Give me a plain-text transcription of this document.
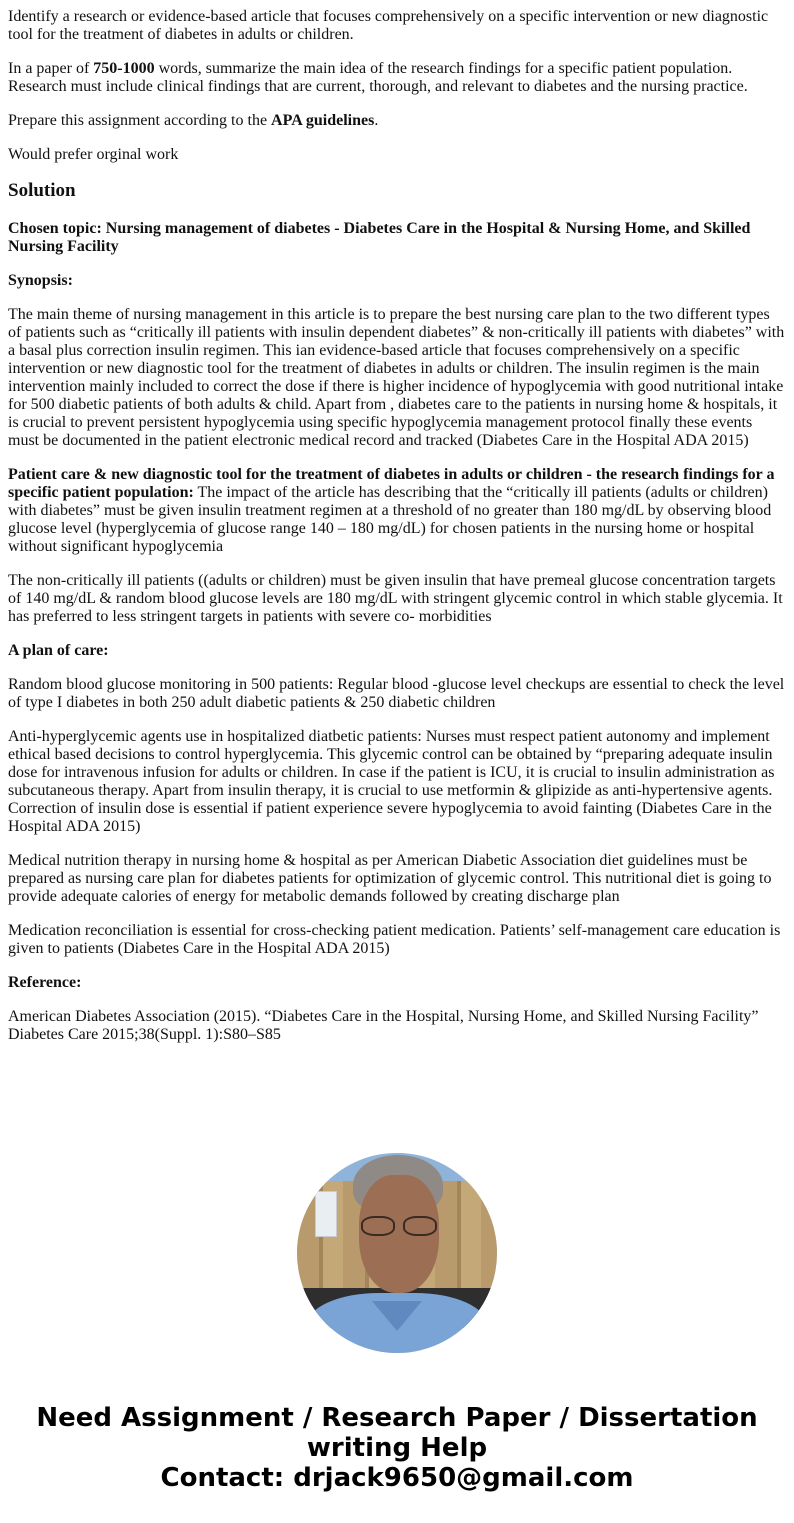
Identify a research or evidence-based article that focuses comprehensively on a specific intervention or new diagnostic tool for the treatment of diabetes in adults or children.

In a paper of 750-1000 words, summarize the main idea of the research findings for a specific patient population. Research must include clinical findings that are current, thorough, and relevant to diabetes and the nursing practice.

Prepare this assignment according to the APA guidelines.

Would prefer orginal work

Solution

Chosen topic: Nursing management of diabetes - Diabetes Care in the Hospital & Nursing Home, and Skilled Nursing Facility

Synopsis:

The main theme of nursing management in this article is to prepare the best nursing care plan to the two different types of patients such as “critically ill patients with insulin dependent diabetes” & non-critically ill patients with diabetes” with a basal plus correction insulin regimen. This ian evidence-based article that focuses comprehensively on a specific intervention or new diagnostic tool for the treatment of diabetes in adults or children. The insulin regimen is the main intervention mainly included to correct the dose if there is higher incidence of hypoglycemia with good nutritional intake for 500 diabetic patients of both adults & child. Apart from , diabetes care to the patients in nursing home & hospitals, it is crucial to prevent persistent hypoglycemia using specific hypoglycemia management protocol finally these events must be documented in the patient electronic medical record and tracked (Diabetes Care in the Hospital ADA 2015)

Patient care & new diagnostic tool for the treatment of diabetes in adults or children - the research findings for a specific patient population: The impact of the article has describing that the “critically ill patients (adults or children) with diabetes” must be given insulin treatment regimen at a threshold of no greater than 180 mg/dL by observing blood glucose level (hyperglycemia of glucose range 140 – 180 mg/dL) for chosen patients in the nursing home or hospital without significant hypoglycemia

The non-critically ill patients ((adults or children) must be given insulin that have premeal glucose concentration targets of 140 mg/dL & random blood glucose levels are 180 mg/dL with stringent glycemic control in which stable glycemia. It has preferred to less stringent targets in patients with severe co- morbidities

A plan of care:

Random blood glucose monitoring in 500 patients: Regular blood -glucose level checkups are essential to check the level of type I diabetes in both 250 adult diabetic patients & 250 diabetic children

Anti-hyperglycemic agents use in hospitalized diatbetic patients: Nurses must respect patient autonomy and implement ethical based decisions to control hyperglycemia. This glycemic control can be obtained by “preparing adequate insulin dose for intravenous infusion for adults or children. In case if the patient is ICU, it is crucial to insulin administration as subcutaneous therapy. Apart from insulin therapy, it is crucial to use metformin & glipizide as anti-hypertensive agents. Correction of insulin dose is essential if patient experience severe hypoglycemia to avoid fainting (Diabetes Care in the Hospital ADA 2015)

Medical nutrition therapy in nursing home & hospital as per American Diabetic Association diet guidelines must be prepared as nursing care plan for diabetes patients for optimization of glycemic control. This nutritional diet is going to provide adequate calories of energy for metabolic demands followed by creating discharge plan

Medication reconciliation is essential for cross-checking patient medication. Patients’ self-management care education is given to patients (Diabetes Care in the Hospital ADA 2015)

Reference:

American Diabetes Association (2015). “Diabetes Care in the Hospital, Nursing Home, and Skilled Nursing Facility” Diabetes Care 2015;38(Suppl. 1):S80–S85

Need Assignment / Research Paper / Dissertation
writing Help
Contact: drjack9650@gmail.com
